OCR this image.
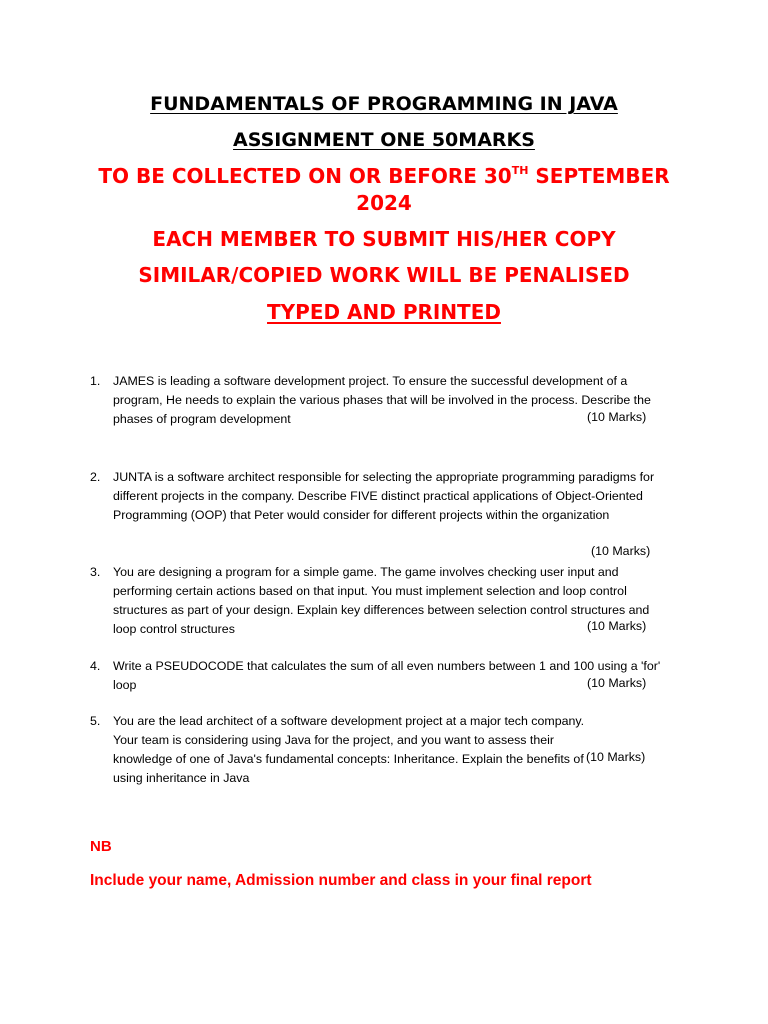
FUNDAMENTALS OF PROGRAMMING IN JAVA
ASSIGNMENT ONE 50MARKS
TO BE COLLECTED ON OR BEFORE 30TH SEPTEMBER
2024
EACH MEMBER TO SUBMIT HIS/HER COPY
SIMILAR/COPIED WORK WILL BE PENALISED
TYPED AND PRINTED
1. JAMES is leading a software development project. To ensure the successful development of a program, He needs to explain the various phases that will be involved in the process. Describe the phases of program development	(10 Marks)
2. JUNTA is a software architect responsible for selecting the appropriate programming paradigms for different projects in the company. Describe FIVE distinct practical applications of Object-Oriented Programming (OOP) that Peter would consider for different projects within the organization
(10 Marks)
3. You are designing a program for a simple game. The game involves checking user input and performing certain actions based on that input. You must implement selection and loop control structures as part of your design. Explain key differences between selection control structures and loop control structures	(10 Marks)
4. Write a PSEUDOCODE that calculates the sum of all even numbers between 1 and 100 using a 'for' loop	(10 Marks)
5. You are the lead architect of a software development project at a major tech company. Your team is considering using Java for the project, and you want to assess their knowledge of one of Java's fundamental concepts: Inheritance. Explain the benefits of using inheritance in Java
(10 Marks)
NB
Include your name, Admission number and class in your final report
